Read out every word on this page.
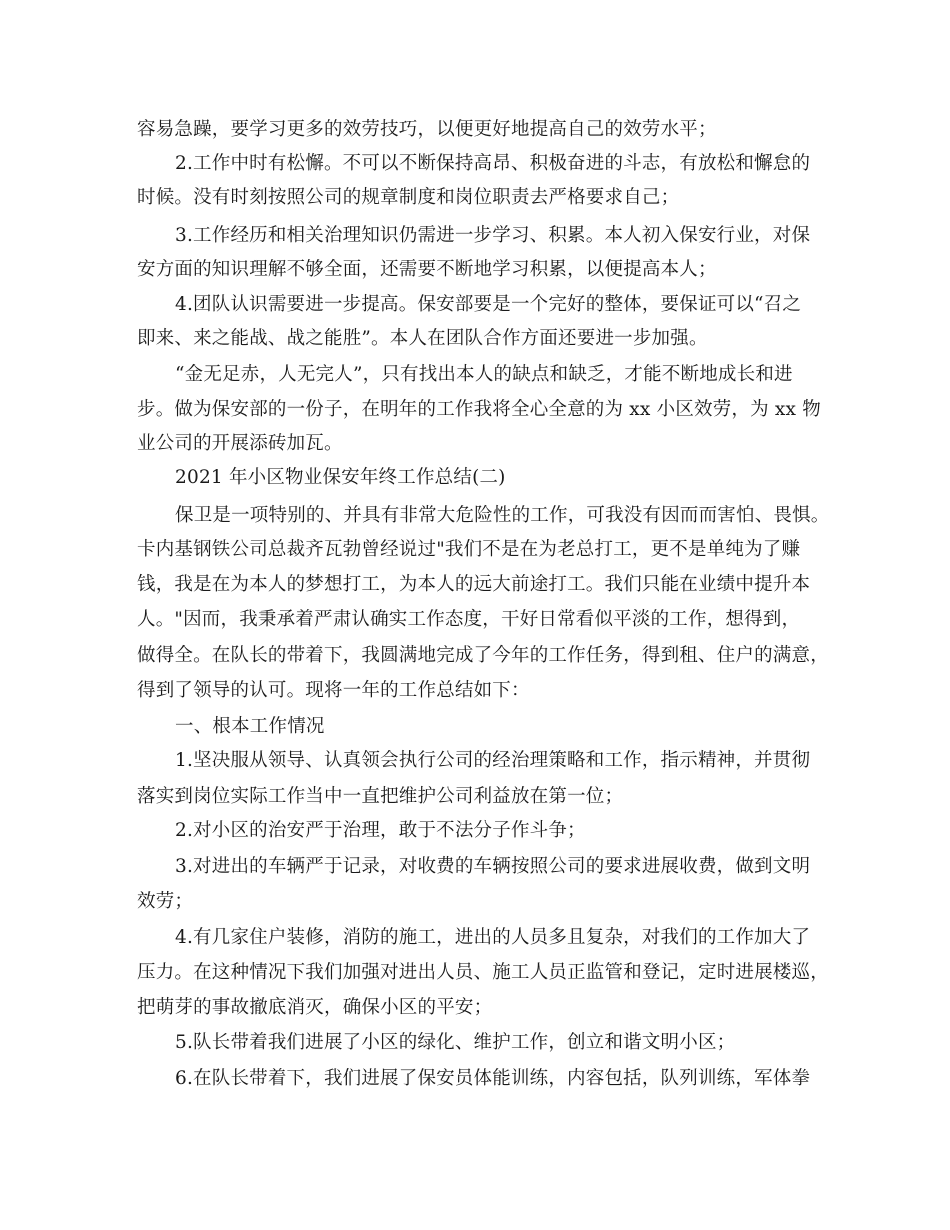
容易急躁，要学习更多的效劳技巧，以便更好地提高自己的效劳水平；
2.工作中时有松懈。不可以不断保持高昂、积极奋进的斗志，有放松和懈怠的
时候。没有时刻按照公司的规章制度和岗位职责去严格要求自己；
3.工作经历和相关治理知识仍需进一步学习、积累。本人初入保安行业，对保
安方面的知识理解不够全面，还需要不断地学习积累，以便提高本人；
4.团队认识需要进一步提高。保安部要是一个完好的整体，要保证可以“召之
即来、来之能战、战之能胜”。本人在团队合作方面还要进一步加强。
“金无足赤，人无完人”，只有找出本人的缺点和缺乏，才能不断地成长和进
步。做为保安部的一份子，在明年的工作我将全心全意的为 xx 小区效劳，为 xx 物
业公司的开展添砖加瓦。
2021 年小区物业保安年终工作总结(二)
保卫是一项特别的、并具有非常大危险性的工作，可我没有因而而害怕、畏惧。
卡内基钢铁公司总裁齐瓦勃曾经说过"我们不是在为老总打工，更不是单纯为了赚
钱，我是在为本人的梦想打工，为本人的远大前途打工。我们只能在业绩中提升本
人。"因而，我秉承着严肃认确实工作态度，干好日常看似平淡的工作，想得到，
做得全。在队长的带着下，我圆满地完成了今年的工作任务，得到租、住户的满意，
得到了领导的认可。现将一年的工作总结如下：
一、根本工作情况
1.坚决服从领导、认真领会执行公司的经治理策略和工作，指示精神，并贯彻
落实到岗位实际工作当中一直把维护公司利益放在第一位；
2.对小区的治安严于治理，敢于不法分子作斗争；
3.对进出的车辆严于记录，对收费的车辆按照公司的要求进展收费，做到文明
效劳；
4.有几家住户装修，消防的施工，进出的人员多且复杂，对我们的工作加大了
压力。在这种情况下我们加强对进出人员、施工人员正监管和登记，定时进展楼巡，
把萌芽的事故撤底消灭，确保小区的平安；
5.队长带着我们进展了小区的绿化、维护工作，创立和谐文明小区；
6.在队长带着下，我们进展了保安员体能训练，内容包括，队列训练，军体拳
